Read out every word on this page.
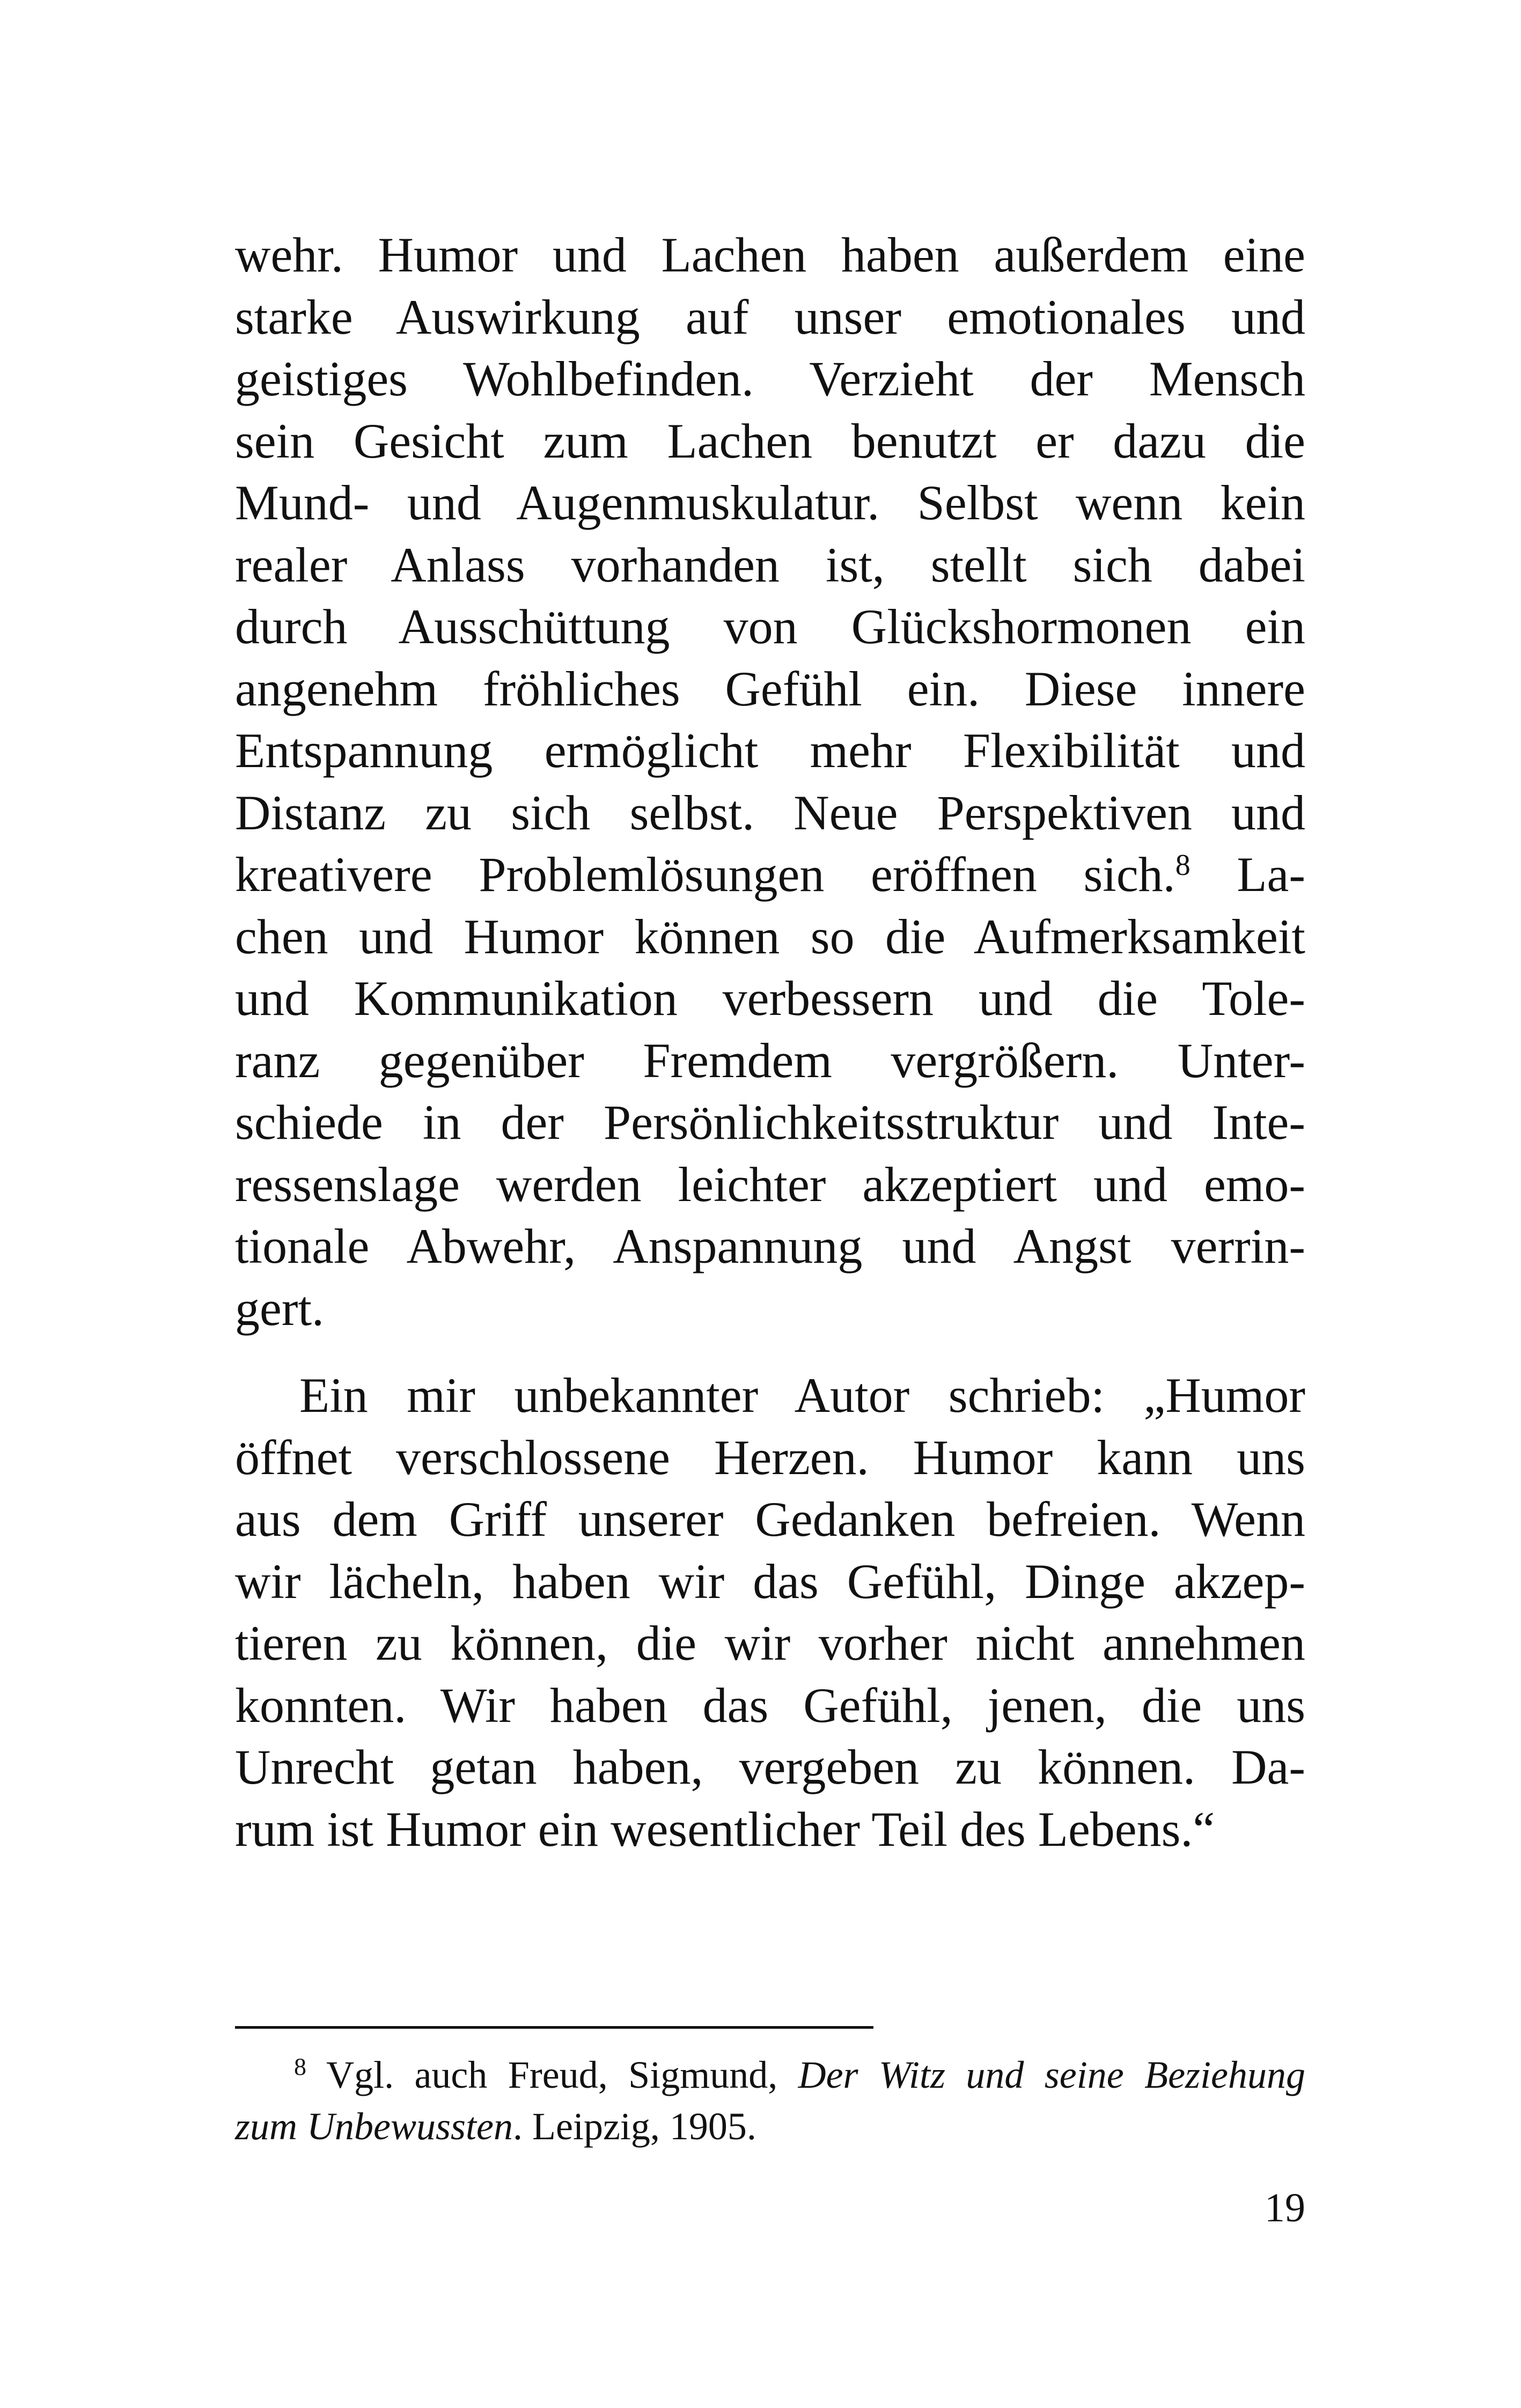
wehr. Humor und Lachen haben außerdem eine
starke Auswirkung auf unser emotionales und
geistiges Wohlbefinden. Verzieht der Mensch
sein Gesicht zum Lachen benutzt er dazu die
Mund- und Augenmuskulatur. Selbst wenn kein
realer Anlass vorhanden ist, stellt sich dabei
durch Ausschüttung von Glückshormonen ein
angenehm fröhliches Gefühl ein. Diese innere
Entspannung ermöglicht mehr Flexibilität und
Distanz zu sich selbst. Neue Perspektiven und
kreativere Problemlösungen eröffnen sich.$^8$ La-
chen und Humor können so die Aufmerksamkeit
und Kommunikation verbessern und die Tole-
ranz gegenüber Fremdem vergrößern. Unter-
schiede in der Persönlichkeitsstruktur und Inte-
ressenslage werden leichter akzeptiert und emo-
tionale Abwehr, Anspannung und Angst verrin-
gert.
Ein mir unbekannter Autor schrieb: „Humor
öffnet verschlossene Herzen. Humor kann uns
aus dem Griff unserer Gedanken befreien. Wenn
wir lächeln, haben wir das Gefühl, Dinge akzep-
tieren zu können, die wir vorher nicht annehmen
konnten. Wir haben das Gefühl, jenen, die uns
Unrecht getan haben, vergeben zu können. Da-
rum ist Humor ein wesentlicher Teil des Lebens.“
$^8$ Vgl. auch Freud, Sigmund, Der Witz und seine Beziehung
zum Unbewussten. Leipzig, 1905.
19
